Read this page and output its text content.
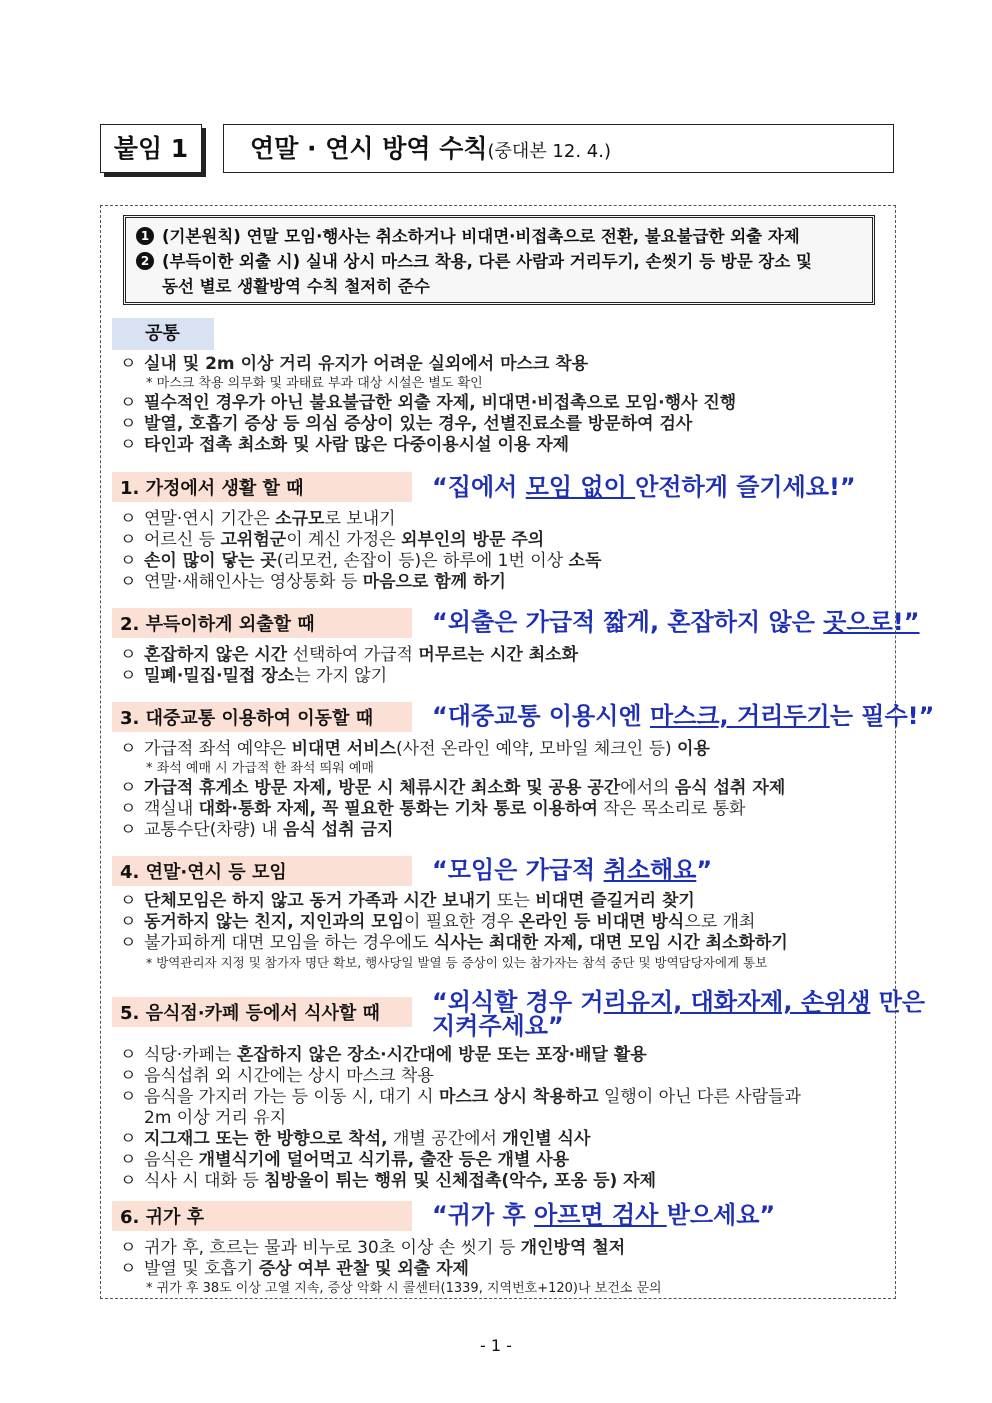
붙임 1	연말 · 연시 방역 수칙(중대본 12. 4.)
1 (기본원칙) 연말 모임·행사는 취소하거나 비대면·비접촉으로 전환, 불요불급한 외출 자제
2 (부득이한 외출 시) 실내 상시 마스크 착용, 다른 사람과 거리두기, 손씻기 등 방문 장소 및
동선 별로 생활방역 수칙 철저히 준수
공통
ㅇ 실내 및 2m 이상 거리 유지가 어려운 실외에서 마스크 착용
* 마스크 착용 의무화 및 과태료 부과 대상 시설은 별도 확인
ㅇ 필수적인 경우가 아닌 불요불급한 외출 자제, 비대면·비접촉으로 모임·행사 진행
ㅇ 발열, 호흡기 증상 등 의심 증상이 있는 경우, 선별진료소를 방문하여 검사
ㅇ 타인과 접촉 최소화 및 사람 많은 다중이용시설 이용 자제
1. 가정에서 생활 할 때	“집에서 모임 없이 안전하게 즐기세요!”
ㅇ 연말·연시 기간은 소규모로 보내기
ㅇ 어르신 등 고위험군이 계신 가정은 외부인의 방문 주의
ㅇ 손이 많이 닿는 곳(리모컨, 손잡이 등)은 하루에 1번 이상 소독
ㅇ 연말·새해인사는 영상통화 등 마음으로 함께 하기
2. 부득이하게 외출할 때	“외출은 가급적 짧게, 혼잡하지 않은 곳으로!”
ㅇ 혼잡하지 않은 시간 선택하여 가급적 머무르는 시간 최소화
ㅇ 밀폐·밀집·밀접 장소는 가지 않기
3. 대중교통 이용하여 이동할 때	“대중교통 이용시엔 마스크, 거리두기는 필수!”
ㅇ 가급적 좌석 예약은 비대면 서비스(사전 온라인 예약, 모바일 체크인 등) 이용
* 좌석 예매 시 가급적 한 좌석 띄워 예매
ㅇ 가급적 휴게소 방문 자제, 방문 시 체류시간 최소화 및 공용 공간에서의 음식 섭취 자제
ㅇ 객실내 대화·통화 자제, 꼭 필요한 통화는 기차 통로 이용하여 작은 목소리로 통화
ㅇ 교통수단(차량) 내 음식 섭취 금지
4. 연말·연시 등 모임	“모임은 가급적 취소해요”
ㅇ 단체모임은 하지 않고 동거 가족과 시간 보내기 또는 비대면 즐길거리 찾기
ㅇ 동거하지 않는 친지, 지인과의 모임이 필요한 경우 온라인 등 비대면 방식으로 개최
ㅇ 불가피하게 대면 모임을 하는 경우에도 식사는 최대한 자제, 대면 모임 시간 최소화하기
* 방역관리자 지정 및 참가자 명단 확보, 행사당일 발열 등 증상이 있는 참가자는 참석 중단 및 방역담당자에게 통보
5. 음식점·카페 등에서 식사할 때	“외식할 경우 거리유지, 대화자제, 손위생 만은
지켜주세요”
ㅇ 식당·카페는 혼잡하지 않은 장소·시간대에 방문 또는 포장·배달 활용
ㅇ 음식섭취 외 시간에는 상시 마스크 착용
ㅇ 음식을 가지러 가는 등 이동 시, 대기 시 마스크 상시 착용하고 일행이 아닌 다른 사람들과
2m 이상 거리 유지
ㅇ 지그재그 또는 한 방향으로 착석, 개별 공간에서 개인별 식사
ㅇ 음식은 개별식기에 덜어먹고 식기류, 출잔 등은 개별 사용
ㅇ 식사 시 대화 등 침방울이 튀는 행위 및 신체접촉(악수, 포옹 등) 자제
6. 귀가 후	“귀가 후 아프면 검사 받으세요”
ㅇ 귀가 후, 흐르는 물과 비누로 30초 이상 손 씻기 등 개인방역 철저
ㅇ 발열 및 호흡기 증상 여부 관찰 및 외출 자제
* 귀가 후 38도 이상 고열 지속, 증상 악화 시 콜센터(1339, 지역번호+120)나 보건소 문의
- 1 -
